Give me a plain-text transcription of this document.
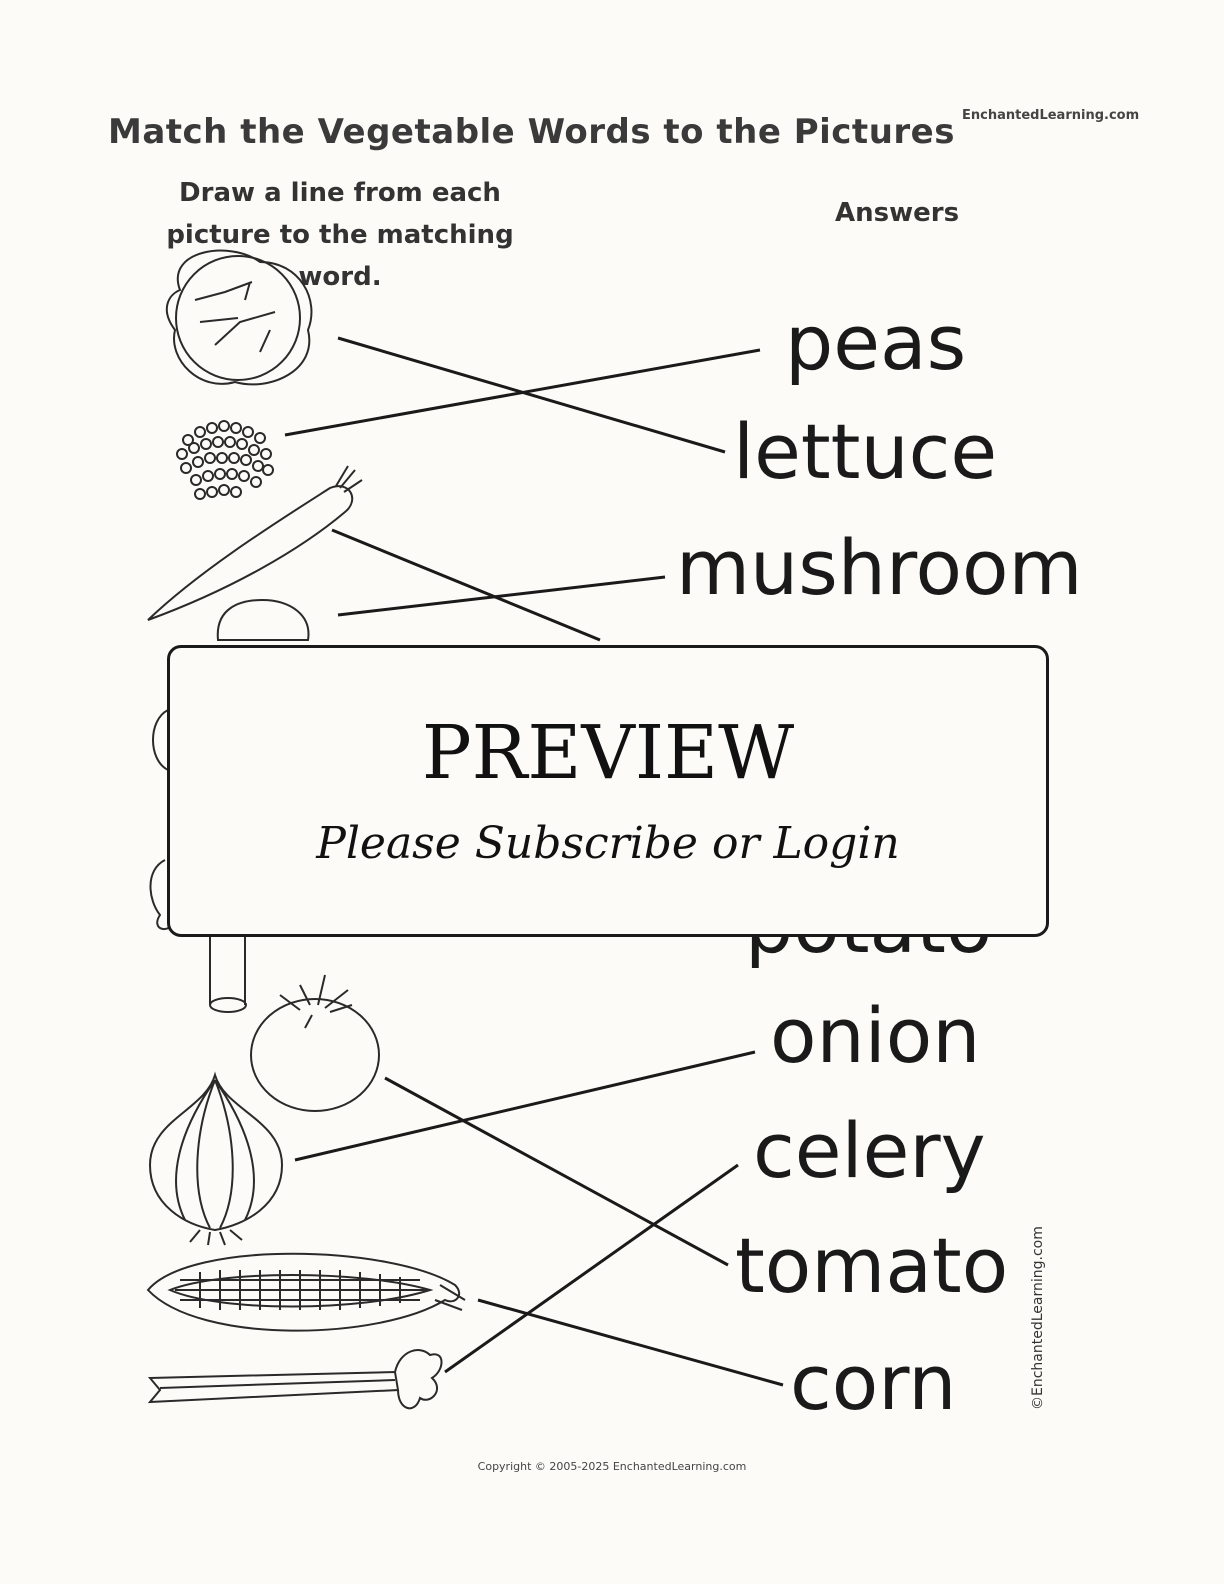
Match the Vegetable Words to the Pictures EnchantedLearning.com
Draw a line from each
picture to the matching word.
Answers
peas
lettuce
mushroom
onion
celery
tomato
corn
PREVIEW
Please Subscribe or Login
©EnchantedLearning.com
Copyright © 2005-2025 EnchantedLearning.com
